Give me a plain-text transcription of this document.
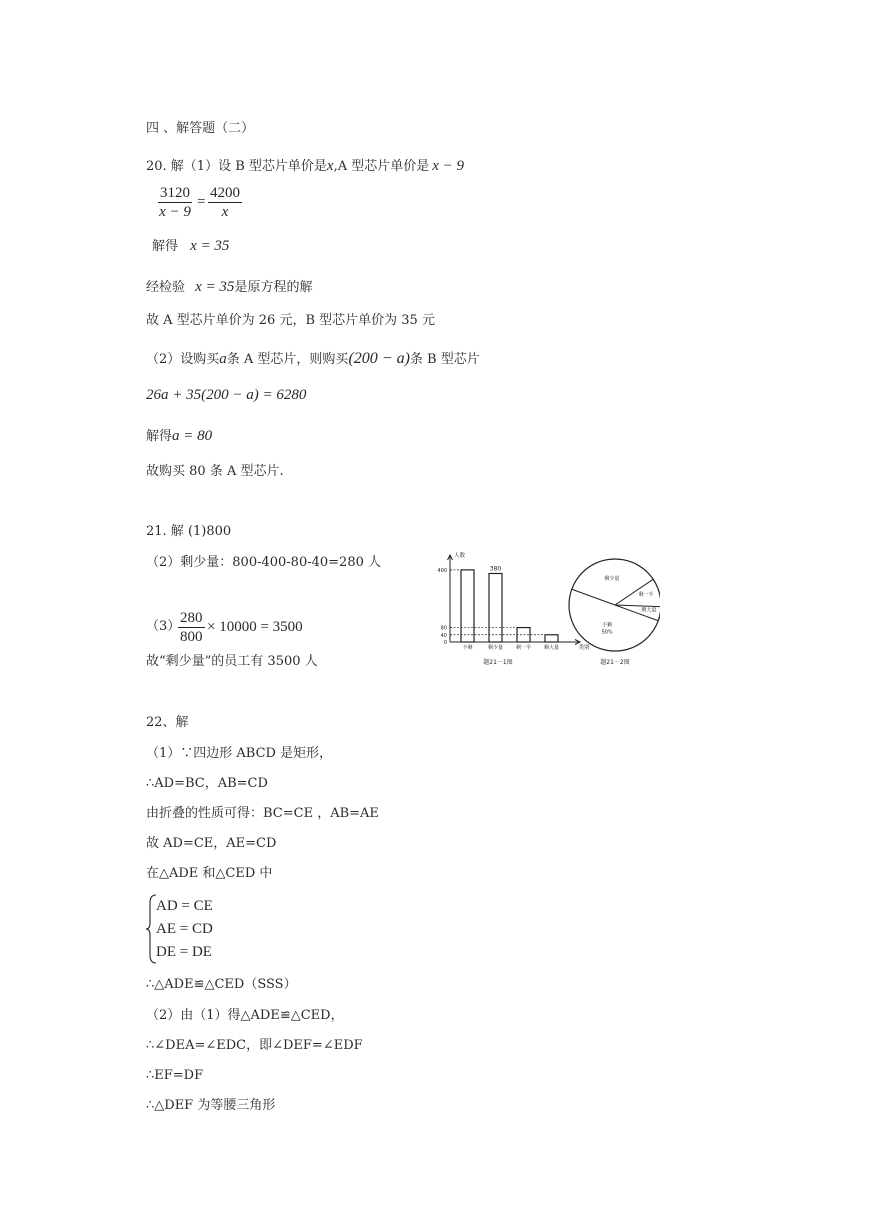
四 、解答题（二）
20. 解（1）设 B 型芯片单价是x,A 型芯片单价是 x − 9
$\frac{3120}{x - 9} = \frac{4200}{x}$
解得 x = 35
经检验 x = 35是原方程的解
故 A 型芯片单价为 26 元，B 型芯片单价为 35 元
（2）设购买a条 A 型芯片，则购买(200 − a)条 B 型芯片
26a + 35(200 − a) = 6280
解得a = 80
故购买 80 条 A 型芯片.
21. 解 (1)800
（2）剩少量：800-400-80-40=280 人
（3）
$\frac{280}{800} \times 10000 = 3500$
故“剩少量”的员工有 3500 人
人数
类别
0
40
80
400
不剩	剩少量	剩一半	剩大量
380
题21－1图
剩少量
剩一半
剩大量
不剩
50%
题21－2图
22、解
（1）∵四边形 ABCD 是矩形，
∴AD=BC，AB=CD
由折叠的性质可得：BC=CE ，AB=AE
故 AD=CE，AE=CD
在△ADE 和△CED 中
AD = CE
AE = CD
DE = DE
∴△ADE≌△CED（SSS）
（2）由（1）得△ADE≌△CED，
∴∠DEA=∠EDC，即∠DEF=∠EDF
∴EF=DF
∴△DEF 为等腰三角形
